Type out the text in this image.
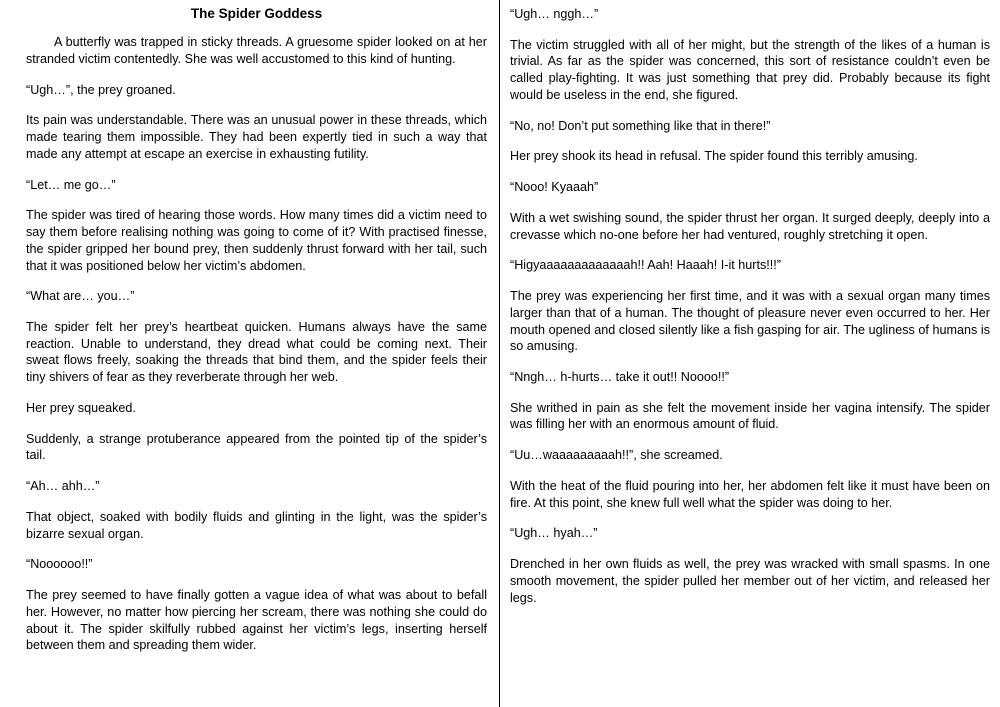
The Spider Goddess

A butterfly was trapped in sticky threads. A gruesome spider looked on at her stranded victim contentedly. She was well accustomed to this kind of hunting.

“Ugh…”, the prey groaned.

Its pain was understandable. There was an unusual power in these threads, which made tearing them impossible. They had been expertly tied in such a way that made any attempt at escape an exercise in exhausting futility.

“Let… me go…”

The spider was tired of hearing those words. How many times did a victim need to say them before realising nothing was going to come of it? With practised finesse, the spider gripped her bound prey, then suddenly thrust forward with her tail, such that it was positioned below her victim’s abdomen.

“What are… you…”

The spider felt her prey’s heartbeat quicken. Humans always have the same reaction. Unable to understand, they dread what could be coming next. Their sweat flows freely, soaking the threads that bind them, and the spider feels their tiny shivers of fear as they reverberate through her web.

Her prey squeaked.

Suddenly, a strange protuberance appeared from the pointed tip of the spider’s tail.

“Ah… ahh…”

That object, soaked with bodily fluids and glinting in the light, was the spider’s bizarre sexual organ.

“Noooooo!!”

The prey seemed to have finally gotten a vague idea of what was about to befall her. However, no matter how piercing her scream, there was nothing she could do about it. The spider skilfully rubbed against her victim’s legs, inserting herself between them and spreading them wider.

“Ugh… nggh…”

The victim struggled with all of her might, but the strength of the likes of a human is trivial. As far as the spider was concerned, this sort of resistance couldn’t even be called play-fighting. It was just something that prey did. Probably because its fight would be useless in the end, she figured.

“No, no! Don’t put something like that in there!”

Her prey shook its head in refusal. The spider found this terribly amusing.

“Nooo! Kyaaah”

With a wet swishing sound, the spider thrust her organ. It surged deeply, deeply into a crevasse which no-one before her had ventured, roughly stretching it open.

“Higyaaaaaaaaaaaaah!! Aah! Haaah! I-it hurts!!!”

The prey was experiencing her first time, and it was with a sexual organ many times larger than that of a human. The thought of pleasure never even occurred to her. Her mouth opened and closed silently like a fish gasping for air. The ugliness of humans is so amusing.

“Nngh… h-hurts… take it out!! Noooo!!”

She writhed in pain as she felt the movement inside her vagina intensify. The spider was filling her with an enormous amount of fluid.

“Uu…waaaaaaaaah!!”, she screamed.

With the heat of the fluid pouring into her, her abdomen felt like it must have been on fire. At this point, she knew full well what the spider was doing to her.

“Ugh… hyah…”

Drenched in her own fluids as well, the prey was wracked with small spasms. In one smooth movement, the spider pulled her member out of her victim, and released her legs.
